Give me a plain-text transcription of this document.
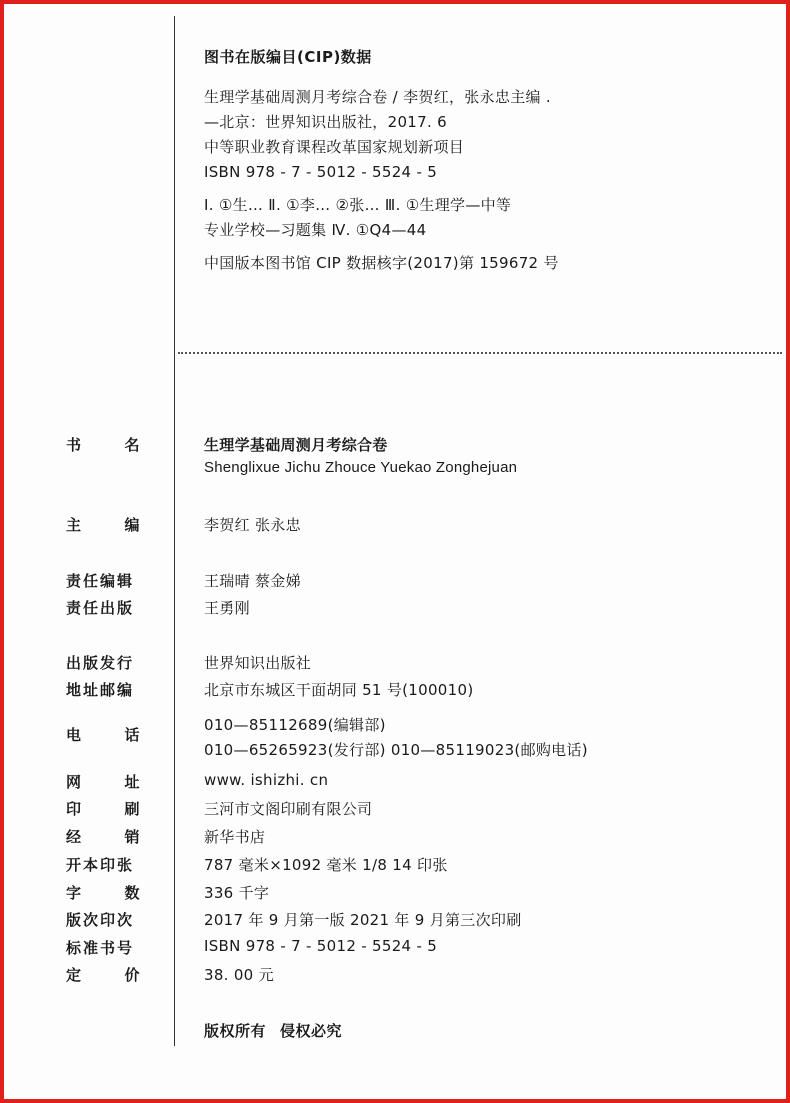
图书在版编目(CIP)数据
生理学基础周测月考综合卷 / 李贺红，张永忠主编 .
—北京：世界知识出版社，2017. 6
中等职业教育课程改革国家规划新项目
ISBN 978 - 7 - 5012 - 5524 - 5
Ⅰ. ①生… Ⅱ. ①李… ②张… Ⅲ. ①生理学—中等
专业学校—习题集 Ⅳ. ①Q4—44
中国版本图书馆 CIP 数据核字(2017)第 159672 号
书	名	生理学基础周测月考综合卷
Shenglixue Jichu Zhouce Yuekao Zonghejuan
主	编	李贺红 张永忠
责任编辑	王瑞晴 蔡金娣
责任出版	王勇刚
出版发行	世界知识出版社
地址邮编	北京市东城区干面胡同 51 号(100010)
电	话
010—85112689(编辑部)
010—65265923(发行部) 010—85119023(邮购电话)
网	址	www. ishizhi. cn
印	刷	三河市文阁印刷有限公司
经	销	新华书店
开本印张	787 毫米×1092 毫米 1/8 14 印张
字	数	336 千字
版次印次	2017 年 9 月第一版 2021 年 9 月第三次印刷
标准书号	ISBN 978 - 7 - 5012 - 5524 - 5
定	价	38. 00 元
版权所有 侵权必究
